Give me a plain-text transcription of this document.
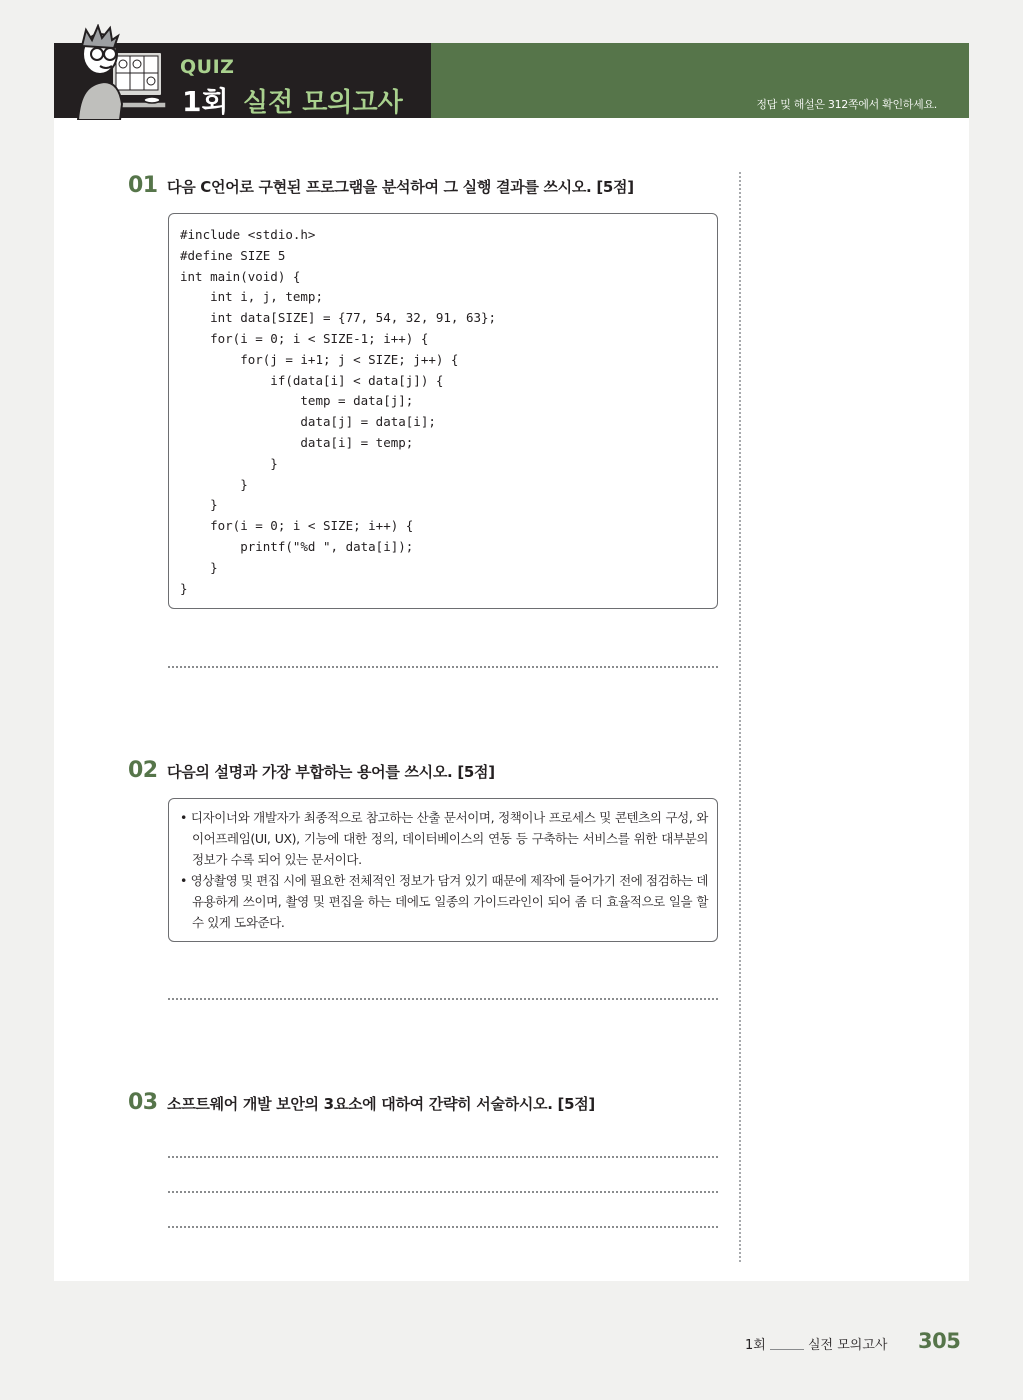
QUIZ
1회 실전 모의고사	정답 및 해설은 312쪽에서 확인하세요.
01 다음 C언어로 구현된 프로그램을 분석하여 그 실행 결과를 쓰시오. [5점]
#include <stdio.h>
#define SIZE 5
int main(void) {
int i, j, temp;
int data[SIZE] = {77, 54, 32, 91, 63};
for(i = 0; i < SIZE-1; i++) {
for(j = i+1; j < SIZE; j++) {
if(data[i] < data[j]) {
temp = data[j];
data[j] = data[i];
data[i] = temp;
}
}
}
for(i = 0; i < SIZE; i++) {
printf("%d ", data[i]);
}
}
02 다음의 설명과 가장 부합하는 용어를 쓰시오. [5점]
• 디자이너와 개발자가 최종적으로 참고하는 산출 문서이며, 정책이나 프로세스 및 콘텐츠의 구성, 와이어프레임(UI, UX), 기능에 대한 정의, 데이터베이스의 연동 등 구축하는 서비스를 위한 대부분의 정보가 수록 되어 있는 문서이다.
• 영상촬영 및 편집 시에 필요한 전체적인 정보가 담겨 있기 때문에 제작에 들어가기 전에 점검하는 데 유용하게 쓰이며, 촬영 및 편집을 하는 데에도 일종의 가이드라인이 되어 좀 더 효율적으로 일을 할 수 있게 도와준다.
03 소프트웨어 개발 보안의 3요소에 대하여 간략히 서술하시오. [5점]
1회	실전 모의고사 305
